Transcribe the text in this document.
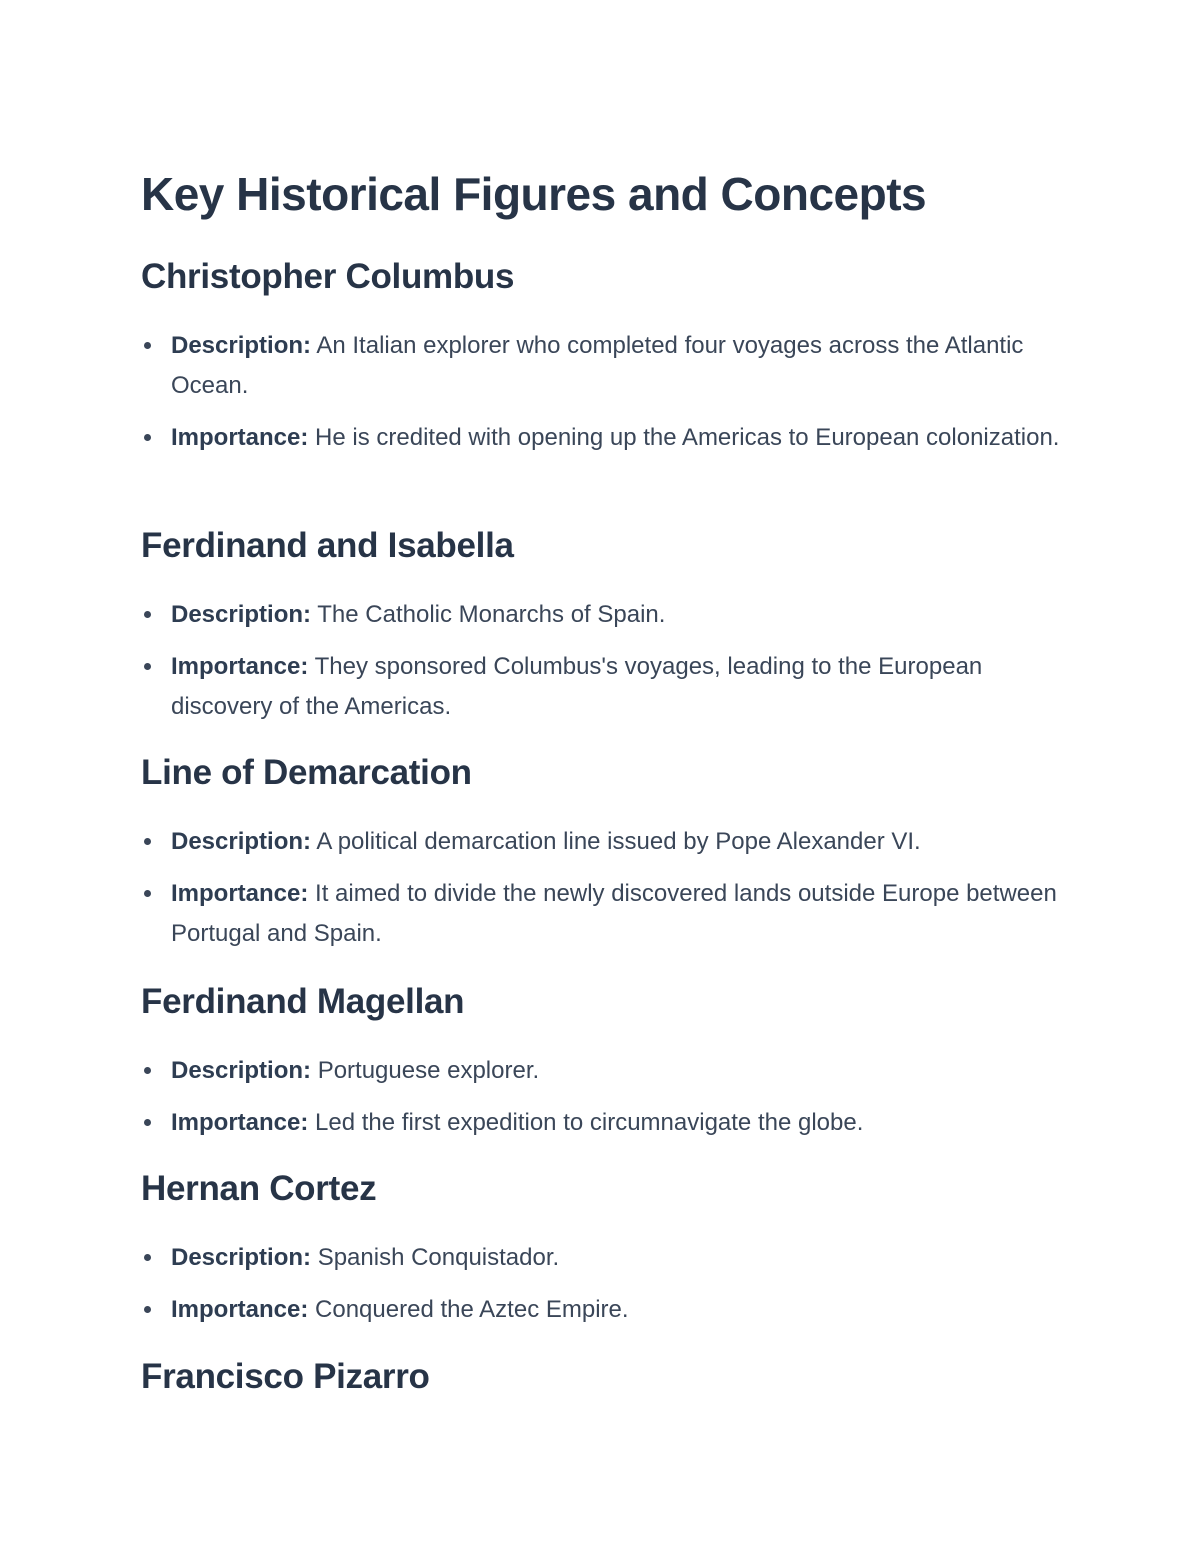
Key Historical Figures and Concepts
Christopher Columbus
Description: An Italian explorer who completed four voyages across the Atlantic Ocean.
Importance: He is credited with opening up the Americas to European colonization.
Ferdinand and Isabella
Description: The Catholic Monarchs of Spain.
Importance: They sponsored Columbus's voyages, leading to the European discovery of the Americas.
Line of Demarcation
Description: A political demarcation line issued by Pope Alexander VI.
Importance: It aimed to divide the newly discovered lands outside Europe between Portugal and Spain.
Ferdinand Magellan
Description: Portuguese explorer.
Importance: Led the first expedition to circumnavigate the globe.
Hernan Cortez
Description: Spanish Conquistador.
Importance: Conquered the Aztec Empire.
Francisco Pizarro
